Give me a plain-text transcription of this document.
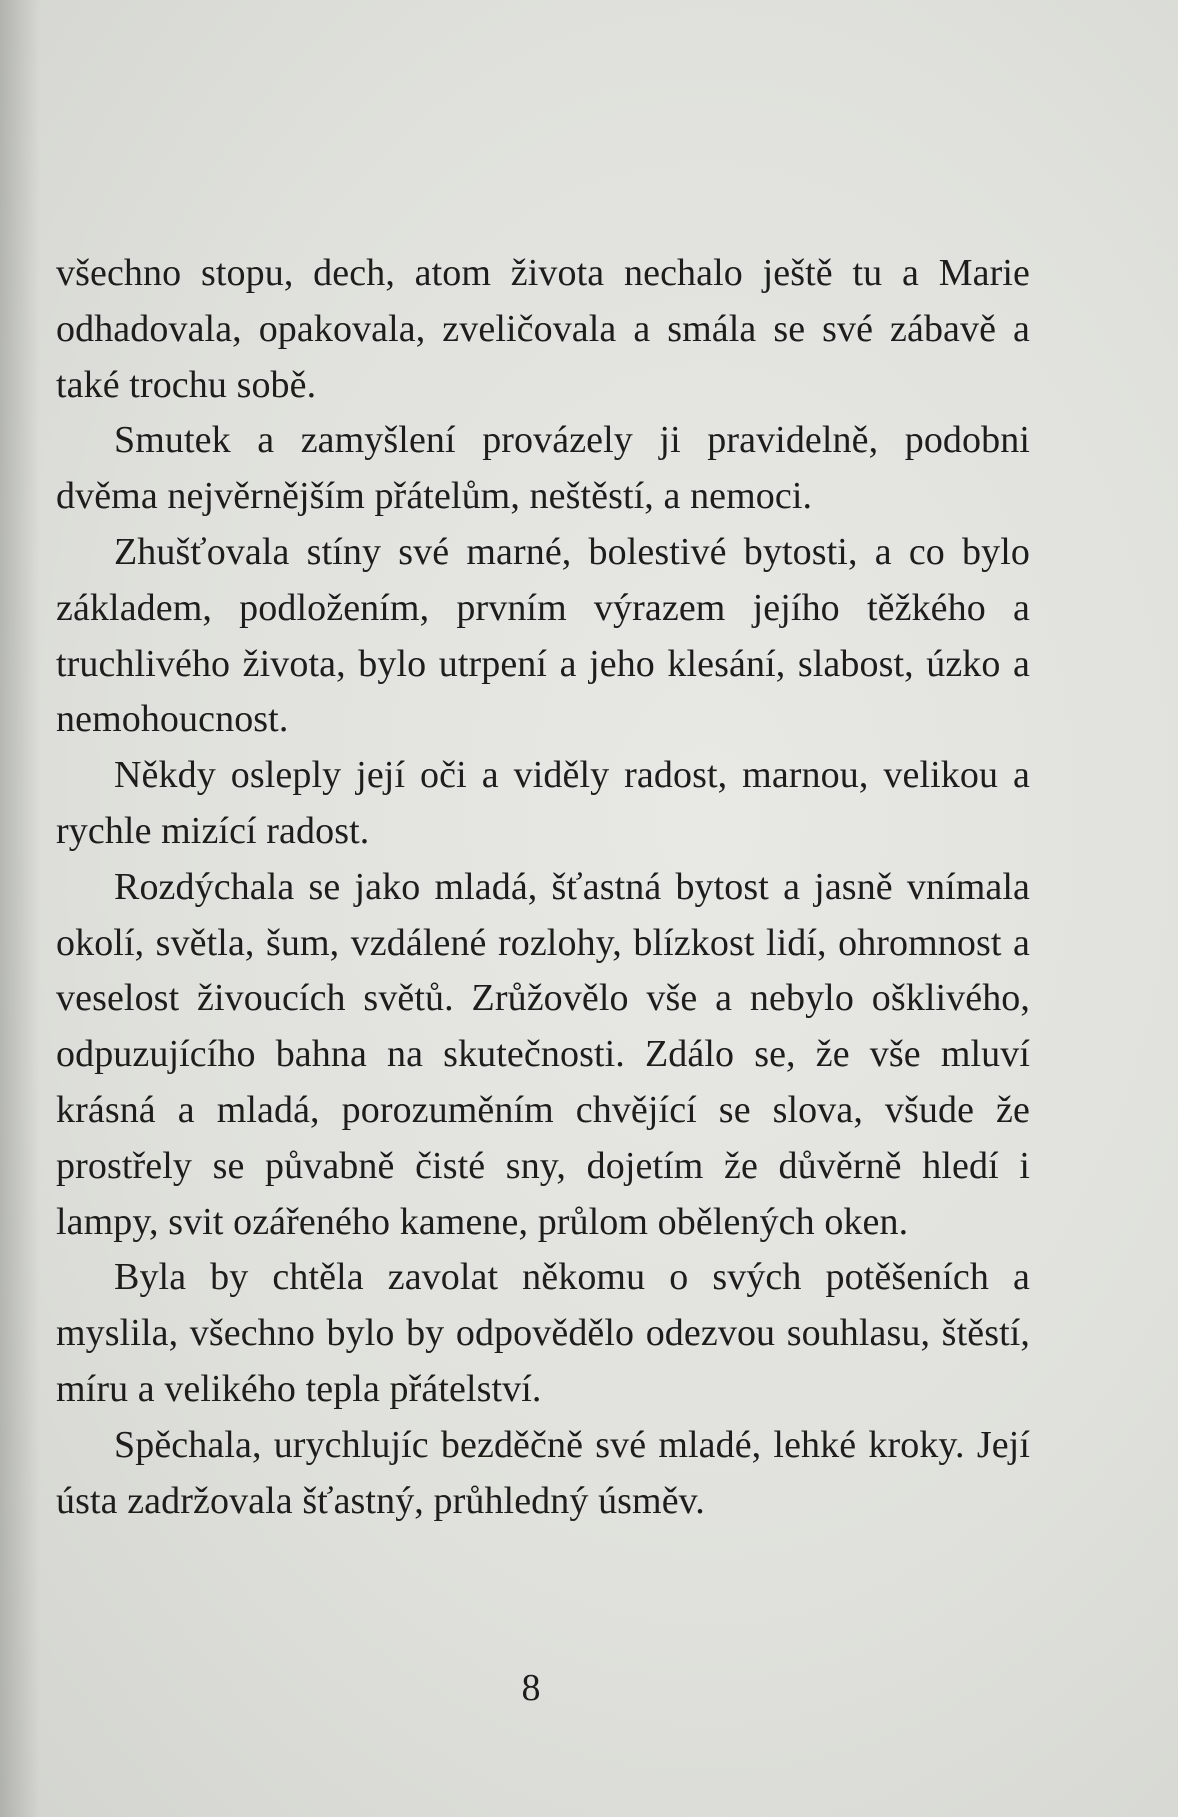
všechno stopu, dech, atom života nechalo ještě tu a Marie odhadovala, opakovala, zveličovala a smála se své zábavě a také trochu sobě.

Smutek a zamyšlení provázely ji pravidelně, podobni dvěma nejvěrnějším přátelům, neštěstí, a nemoci.

Zhušťovala stíny své marné, bolestivé bytosti, a co bylo základem, podložením, prvním výrazem jejího těžkého a truchlivého života, bylo utrpení a jeho klesání, slabost, úzko a nemohoucnost.

Někdy osleply její oči a viděly radost, marnou, velikou a rychle mizící radost.

Rozdýchala se jako mladá, šťastná bytost a jasně vnímala okolí, světla, šum, vzdálené rozlohy, blízkost lidí, ohromnost a veselost živoucích světů. Zrůžovělo vše a nebylo ošklivého, odpuzujícího bahna na skutečnosti. Zdálo se, že vše mluví krásná a mladá, porozuměním chvějící se slova, všude že prostřely se půvabně čisté sny, dojetím že důvěrně hledí i lampy, svit ozářeného kamene, průlom obělených oken.

Byla by chtěla zavolat někomu o svých potěšeních a myslila, všechno bylo by odpovědělo odezvou souhlasu, štěstí, míru a velikého tepla přátelství.

Spěchala, urychlujíc bezděčně své mladé, lehké kroky. Její ústa zadržovala šťastný, průhledný úsměv.

8
